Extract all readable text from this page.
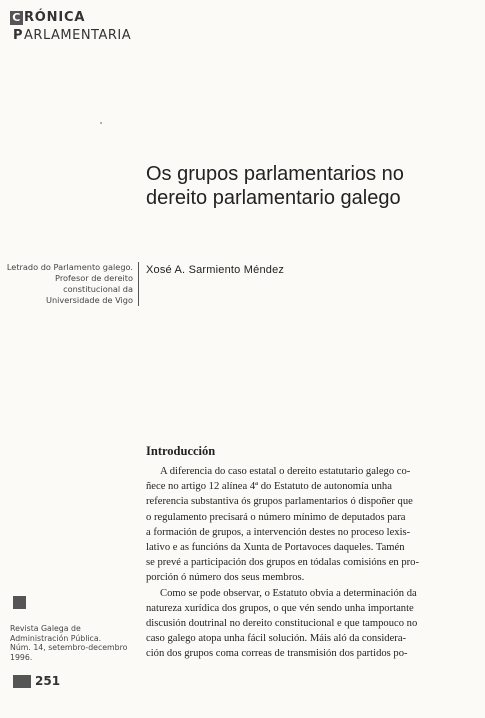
C RÓNICA
P ARLAMENTARIA
Os grupos parlamentarios no
dereito parlamentario galego
Letrado do Parlamento galego.
Profesor de dereito
constitucional da
Universidade de Vigo
Xosé A. Sarmiento Méndez
Introducción
A diferencia do caso estatal o dereito estatutario galego co-
ñece no artigo 12 alínea 4ª do Estatuto de autonomía unha
referencia substantiva ós grupos parlamentarios ó dispoñer que
o regulamento precisará o número mínimo de deputados para
a formación de grupos, a intervención destes no proceso lexis-
lativo e as funcións da Xunta de Portavoces daqueles. Tamén
se prevé a participación dos grupos en tódalas comisións en pro-
porción ó número dos seus membros.
Como se pode observar, o Estatuto obvia a determinación da
natureza xurídica dos grupos, o que vén sendo unha importante
discusión doutrinal no dereito constitucional e que tampouco no
caso galego atopa unha fácil solución. Máis aló da considera-
ción dos grupos coma correas de transmisión dos partidos po-
Revista Galega de
Administración Pública.
Núm. 14, setembro-decembro 1996.
251
